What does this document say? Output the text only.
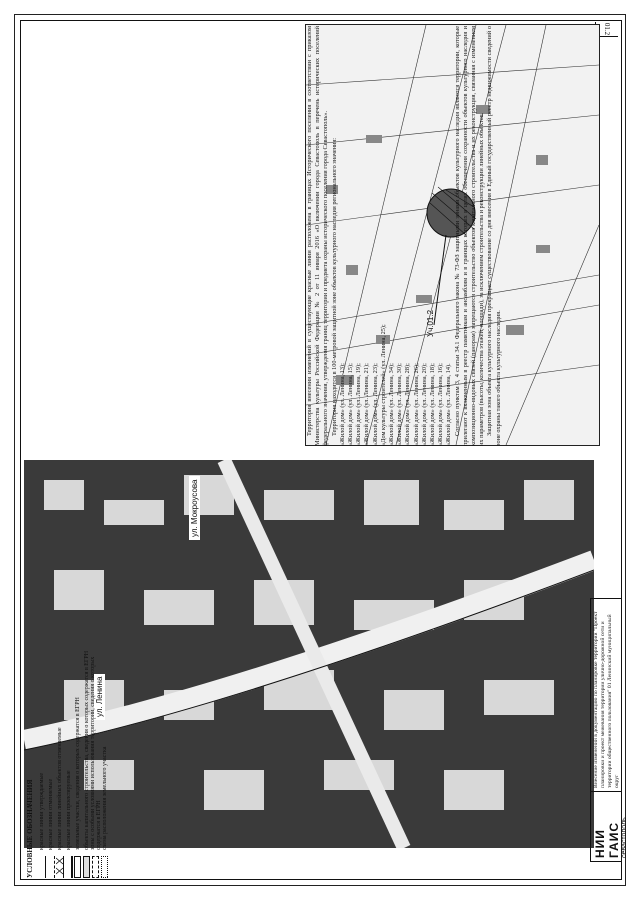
01.2
Уч.01.2
ул. Ленина
ул. Мокроусова

Территория внесения изменений в существующие красные линии расположена в границах Исторического поселения в соответствии с приказом Министерства культуры Российской Федерации № 2 от 11 января 2016 «О включении города Севастополь в перечень исторических поселений федерального значения, утверждения границ территории и предмета охраны исторического поселения города Севастополь». Территория находится в 100-метровой защитной зоне объектов культурного наследия регионального значения: «Жилой дом» (ул. Ленина, 13); «Жилой дом» (ул. Ленина, 15); «Жилой дом» (ул. Ленина, 19); «Жилой дом» (ул. Ленина, 21); «Жилой дом» (ул. Ленина, 23); «Дом культуры строителей» (ул. Ленина, 25); «Жилой дом» (ул. Ленина, 34); «Жилой дом» (ул. Ленина, 30); «Жилой дом» (ул. Ленина, 28); «Жилой дом» (ул. Ленина, 26); «Жилой дом» (ул. Ленина, 20); «Жилой дом» (ул. Ленина, 18); «Жилой дом» (ул. Ленина, 16); «Жилой дом» (ул. Ленина, 14). Согласно пунктам 3, 4 статьи 34.1 Федерального закона № 73-ФЗ защитными зонами объектов культурного наследия являются территории, которые прилегают к включенным в реестр памятникам и ансамблям и в границах которых в целях обеспечения сохранности объектов культурного наследия и композиционно-видовых связей (панорам) запрещаются строительство объектов капитального строительства и их реконструкция, связанная с изменением их параметров (высоты, количества этажей, площади), за исключением строительства и реконструкции линейных объектов. Защитная зона объекта культурного наследия прекращает существование со дня внесения в Единый государственный реестр недвижимости сведений о зоне охраны такого объекта культурного наследия.

УСЛОВНЫЕ ОБОЗНАЧЕНИЯ красные линии утверждаемые красные линии отменяемые красные линии линейных объектов отменяемые красные линии проектируемые земельные участки, сведения о которых содержатся в ЕГРН объекты капитального строительства, сведения о которых содержатся в ЕГРН зоны с особыми условиями использования территории, сведения о которых содержатся в ЕГРН схема расположения земельного участка	НИИ ГАИС севастополь
Внесение изменений в документацию по планировке территории "Проект планировки и проект межевания территории улично-дорожной сети и территории общественного пользования" 01 Ленинский муниципальный округ
